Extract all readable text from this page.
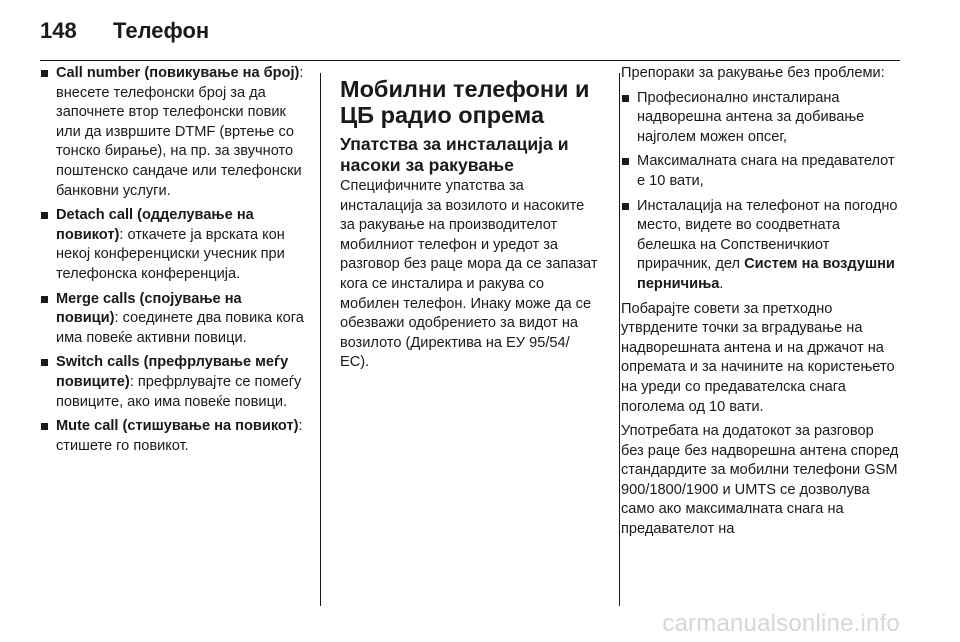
148	Телефон
Call number (повикување на број): внесете телефонски број за да започнете втор телефонски повик или да извршите DTMF (вртење со тонско бирање), на пр. за звучното поштенско сандаче или телефонски банковни услуги.
Detach call (одделување на повикот): откачете ја врската кон некој конференциски учесник при телефонска конференција.
Merge calls (спојување на повици): соединете два повика кога има повеќе активни повици.
Switch calls (префрлување меѓу повиците): префрлувајте се помеѓу повиците, ако има повеќе повици.
Mute call (стишување на повикот): стишете го повикот.
Мобилни телефони и ЦБ радио опрема
Упатства за инсталација и насоки за ракување

Специфичните упатства за инсталација за возилото и насоките за ракување на производителот мобилниот телефон и уредот за разговор без раце мора да се запазат кога се инсталира и ракува со мобилен телефон. Инаку може да се обезважи одобрението за видот на возилото (Директива на ЕУ 95/54/ ЕС).

Препораки за ракување без проблеми:

Професионално инсталирана надворешна антена за добивање најголем можен опсег,
Максималната снага на предавателот е 10 вати,
Инсталација на телефонот на погодно место, видете во соодветната белешка на Сопственичкиот прирачник, дел Систем на воздушни перничиња.

Побарајте совети за претходно утврдените точки за вградување на надворешната антена и на држачот на опремата и за начините на користењето на уреди со предавателска снага поголема од 10 вати.

Употребата на додатокот за разговор без раце без надворешна антена според стандардите за мобилни телефони GSM 900/1800/1900 и UMTS се дозволува само ако максималната снага на предавателот на

carmanualsonline.info
